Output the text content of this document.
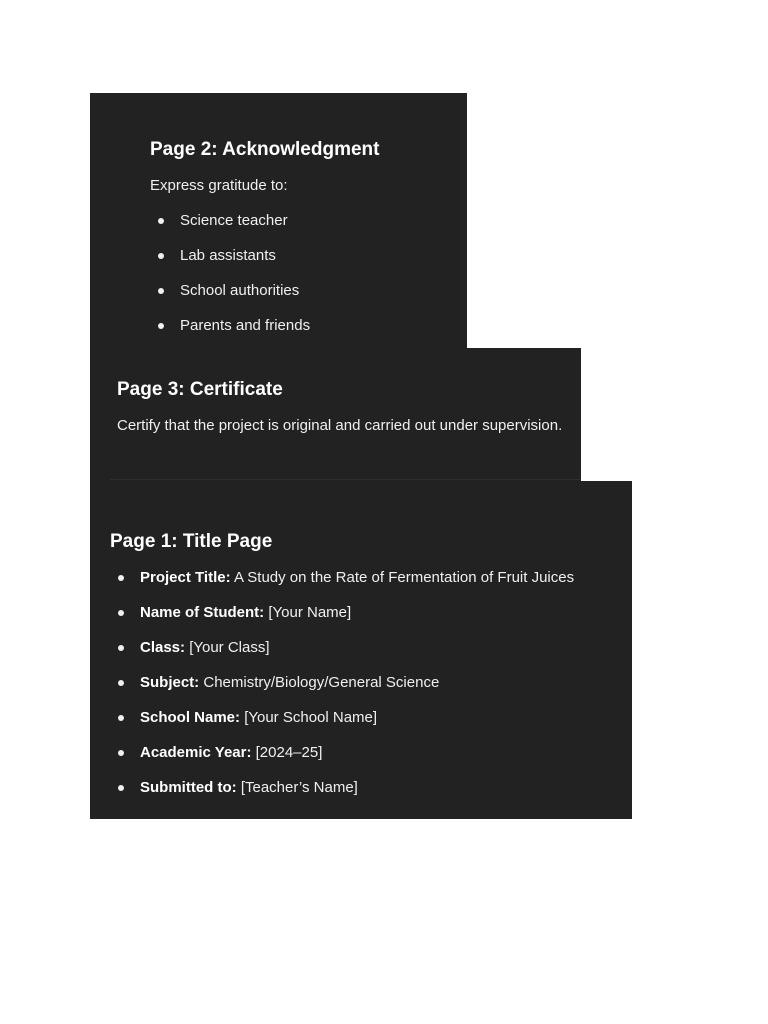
Page 2: Acknowledgment

Express gratitude to:

Science teacher
Lab assistants
School authorities
Parents and friends
Page 3: Certificate

Certify that the project is original and carried out under supervision.

Page 1: Title Page
Project Title: A Study on the Rate of Fermentation of Fruit Juices
Name of Student: [Your Name]
Class: [Your Class]
Subject: Chemistry/Biology/General Science
School Name: [Your School Name]
Academic Year: [2024–25]
Submitted to: [Teacher’s Name]
